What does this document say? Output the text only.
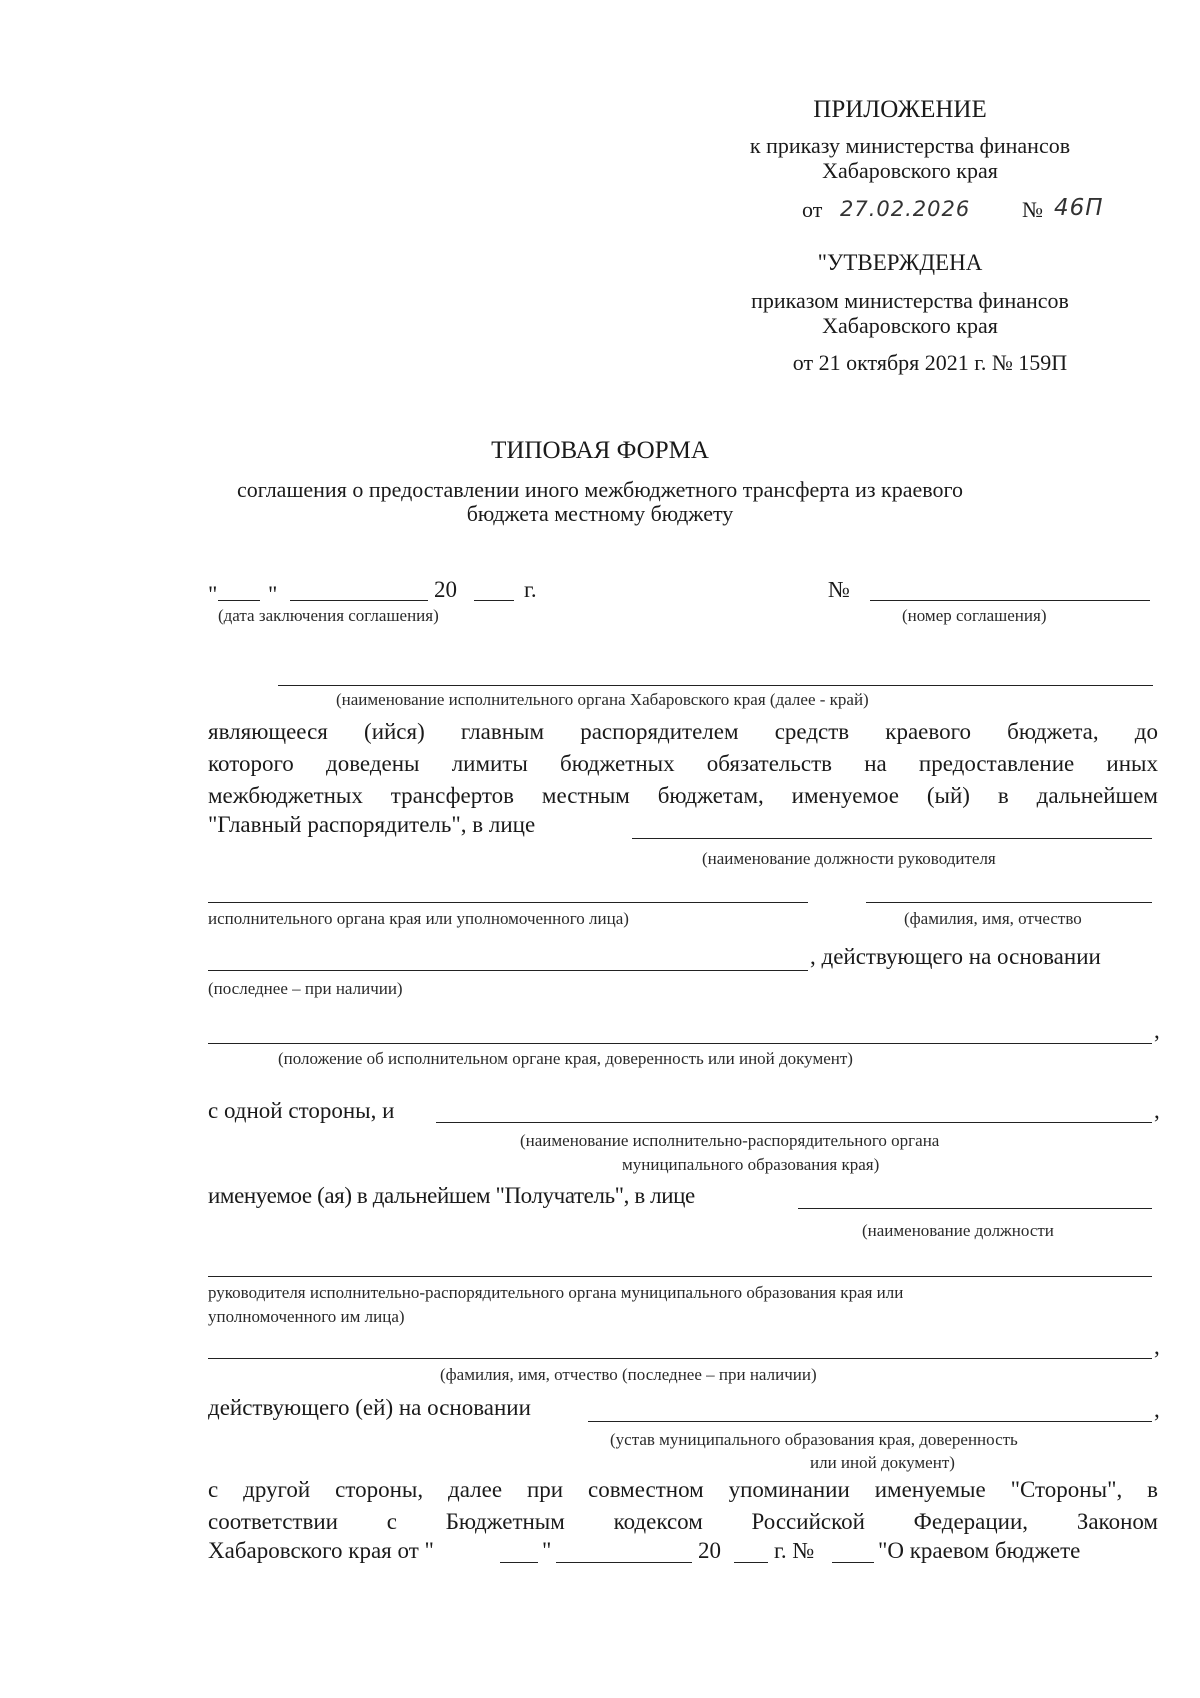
ПРИЛОЖЕНИЕ
к приказу министерства финансов
Хабаровского края
от 27.02.2026 № 46П
"УТВЕРЖДЕНА
приказом министерства финансов
Хабаровского края
от 21 октября 2021 г. № 159П
ТИПОВАЯ ФОРМА
соглашения о предоставлении иного межбюджетного трансферта из краевого
бюджета местному бюджету
" "	20	г.
(дата заключения соглашения)
№
(номер соглашения)
(наименование исполнительного органа Хабаровского края (далее - край)
являющееся (ийся) главным распорядителем средств краевого бюджета, до
которого доведены лимиты бюджетных обязательств на предоставление иных
межбюджетных трансфертов местным бюджетам, именуемое (ый) в дальнейшем
"Главный распорядитель", в лице
(наименование должности руководителя
исполнительного органа края или уполномоченного лица)	(фамилия, имя, отчество
, действующего на основании
(последнее – при наличии)
,
(положение об исполнительном органе края, доверенность или иной документ)
с одной стороны, и	,
(наименование исполнительно-распорядительного органа
муниципального образования края)
именуемое (ая) в дальнейшем "Получатель", в лице
(наименование должности
руководителя исполнительно-распорядительного органа муниципального образования края или
уполномоченного им лица)
,
(фамилия, имя, отчество (последнее – при наличии)
действующего (ей) на основании	,
(устав муниципального образования края, доверенность
или иной документ)
с другой стороны, далее при совместном упоминании именуемые "Стороны", в
соответствии с Бюджетным кодексом Российской Федерации, Законом
Хабаровского края от "	"	20 г. №	"О краевом бюджете
